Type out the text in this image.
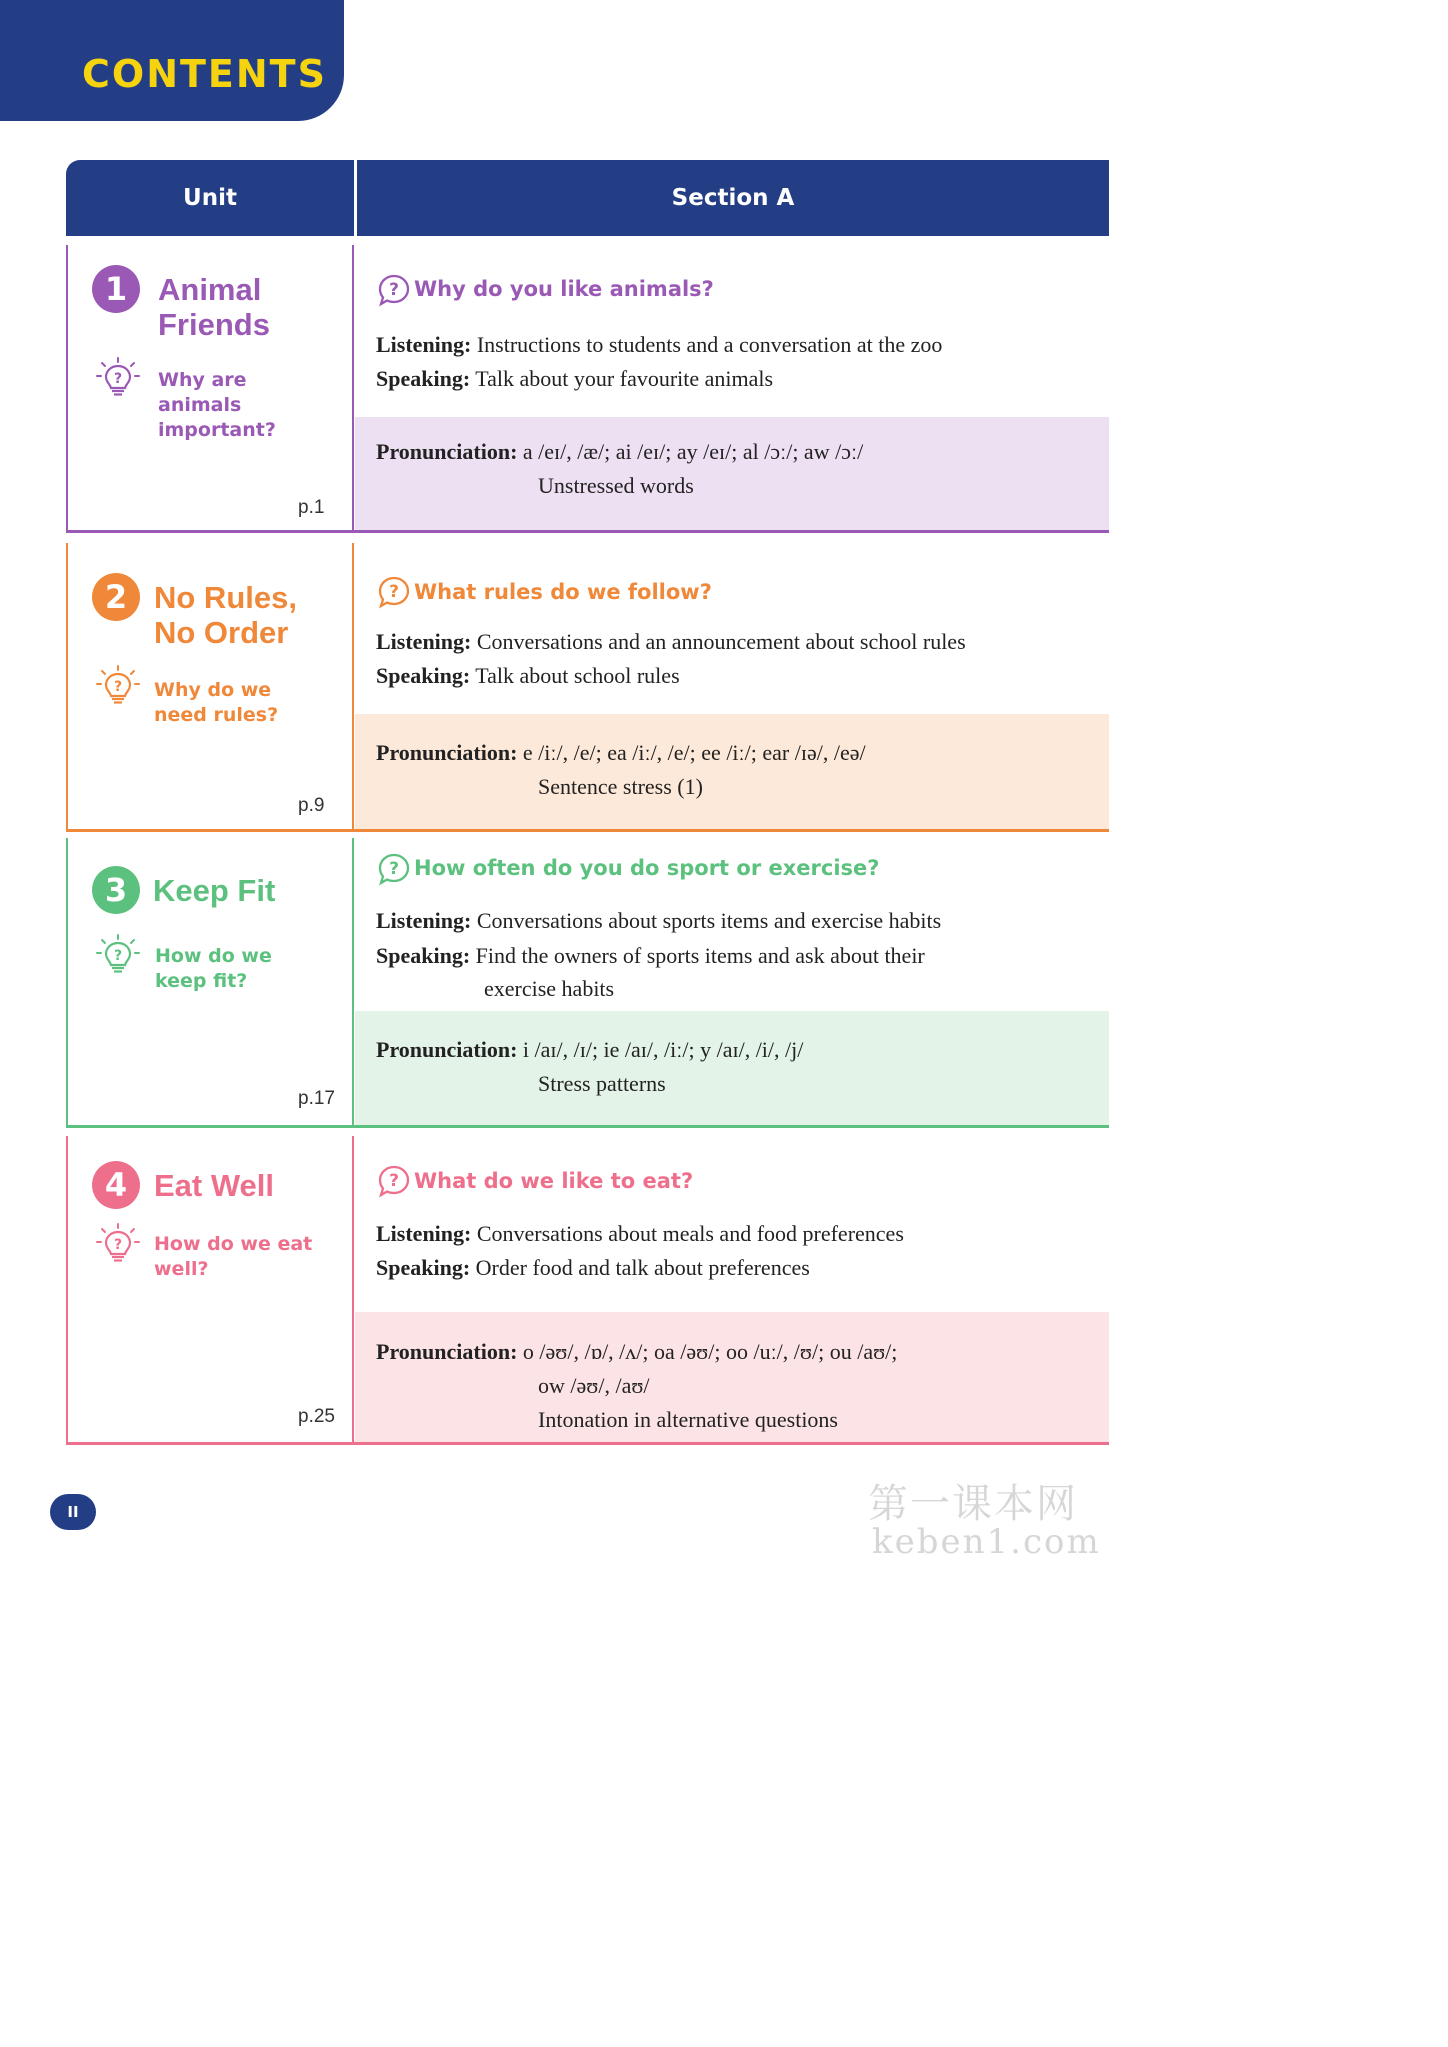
CONTENTS
Unit	Section A
1 Animal
Friends
? Why are
animals
important?
p.1
? Why do you like animals?
Listening: Instructions to students and a conversation at the zoo
Speaking: Talk about your favourite animals
Pronunciation: a /eɪ/, /æ/; ai /eɪ/; ay /eɪ/; al /ɔː/; aw /ɔː/
Unstressed words
2 No Rules,
No Order
? Why do we
need rules?
p.9
? What rules do we follow?
Listening: Conversations and an announcement about school rules
Speaking: Talk about school rules
Pronunciation: e /iː/, /e/; ea /iː/, /e/; ee /iː/; ear /ɪə/, /eə/
Sentence stress (1)
3 Keep Fit
? How do we
keep fit?
p.17
? How often do you do sport or exercise?
Listening: Conversations about sports items and exercise habits
Speaking: Find the owners of sports items and ask about their
exercise habits
Pronunciation: i /aɪ/, /ɪ/; ie /aɪ/, /iː/; y /aɪ/, /i/, /j/
Stress patterns
4 Eat Well
? How do we eat
well?
p.25
? What do we like to eat?
Listening: Conversations about meals and food preferences
Speaking: Order food and talk about preferences
Pronunciation: o /əʊ/, /ɒ/, /ʌ/; oa /əʊ/; oo /uː/, /ʊ/; ou /aʊ/;
ow /əʊ/, /aʊ/
Intonation in alternative questions
II	第一课本网
keben1.com
